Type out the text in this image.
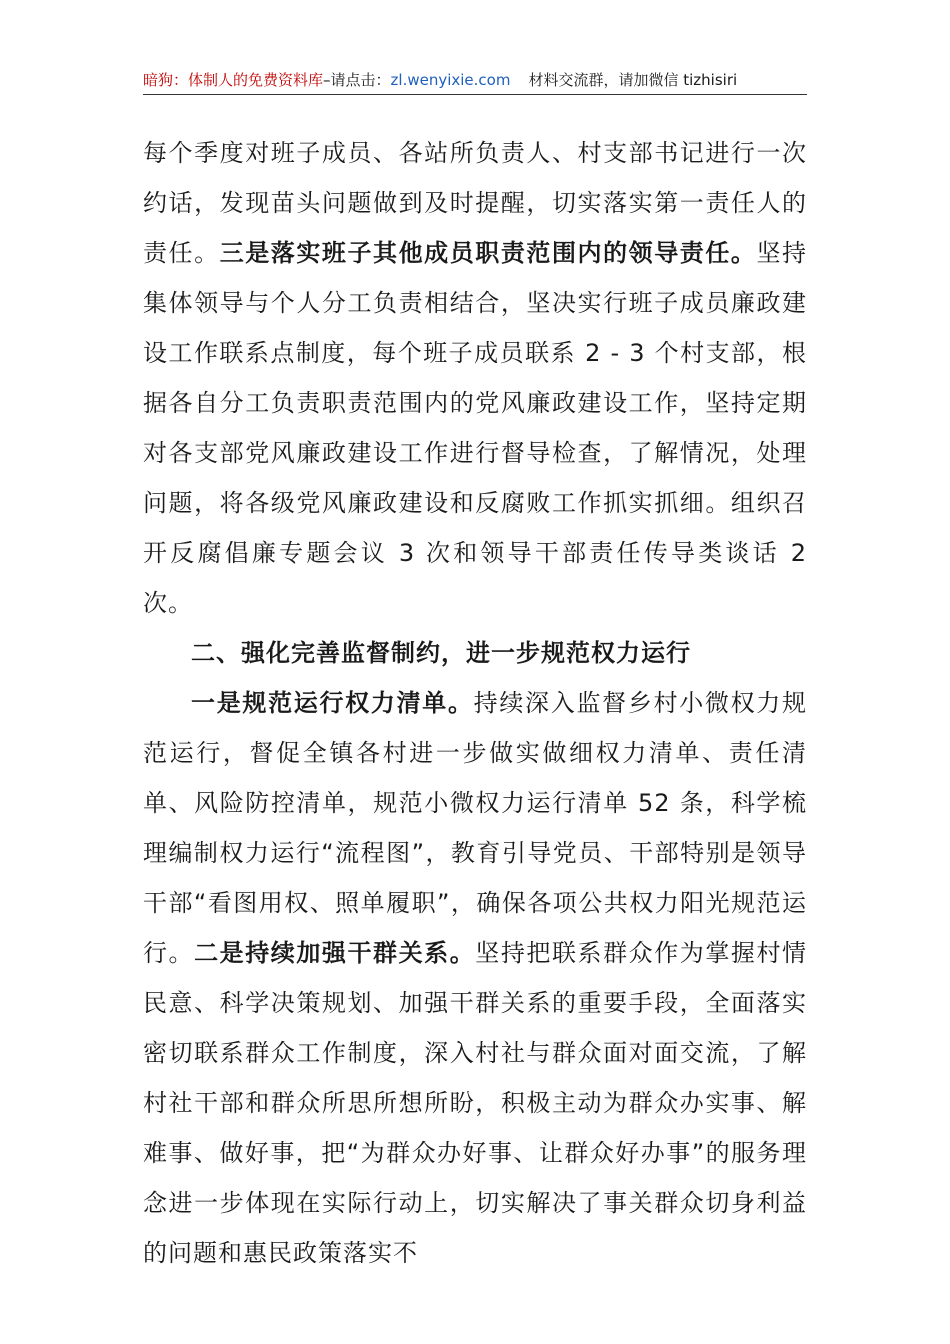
暗狗：体制人的免费资料库–请点击：zl.wenyixie.com 材料交流群，请加微信 tizhisiri

每个季度对班子成员、各站所负责人、村支部书记进行一次约话，发现苗头问题做到及时提醒，切实落实第一责任人的责任。三是落实班子其他成员职责范围内的领导责任。坚持集体领导与个人分工负责相结合，坚决实行班子成员廉政建设工作联系点制度，每个班子成员联系 2 - 3 个村支部，根据各自分工负责职责范围内的党风廉政建设工作，坚持定期对各支部党风廉政建设工作进行督导检查，了解情况，处理问题，将各级党风廉政建设和反腐败工作抓实抓细。组织召开反腐倡廉专题会议 3 次和领导干部责任传导类谈话 2 次。

二、强化完善监督制约，进一步规范权力运行

一是规范运行权力清单。持续深入监督乡村小微权力规范运行，督促全镇各村进一步做实做细权力清单、责任清单、风险防控清单，规范小微权力运行清单 52 条，科学梳理编制权力运行“流程图”，教育引导党员、干部特别是领导干部“看图用权、照单履职”，确保各项公共权力阳光规范运行。二是持续加强干群关系。坚持把联系群众作为掌握村情民意、科学决策规划、加强干群关系的重要手段，全面落实密切联系群众工作制度，深入村社与群众面对面交流，了解村社干部和群众所思所想所盼，积极主动为群众办实事、解难事、做好事，把“为群众办好事、让群众好办事”的服务理念进一步体现在实际行动上，切实解决了事关群众切身利益的问题和惠民政策落实不
